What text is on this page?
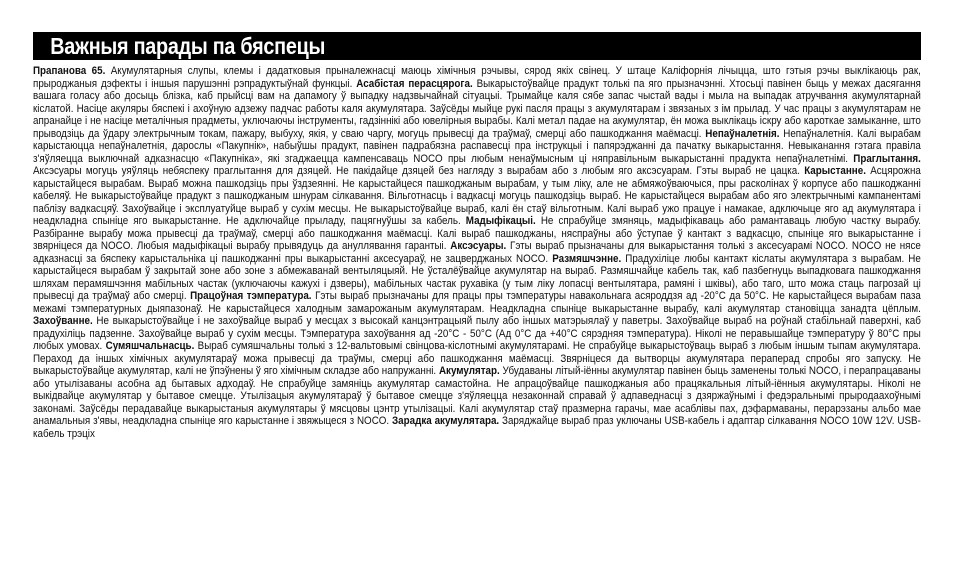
Важныя парады па бяспецы

Прапанова 65. Акумулятарныя слупы, клемы і дадатковыя прыналежнасці маюць хімічныя рэчывы, сярод якіх свінец. У штаце Каліфорнія лічыцца, што гэтыя рэчы выклікаюць рак, прыроджаныя дэфекты і іншыя парушэнні рэпрадуктыўнай функцыі. Асабістая перасцярога. Выкарыстоўвайце прадукт толькі па яго прызначэнні. Хтосьці павінен быць у межах дасягання вашага голасу або досыць блізка, каб прыйсці вам на дапамогу ў выпадку надзвычайнай сітуацыі. Трымайце каля сябе запас чыстай вады і мыла на выпадак атручвання акумулятарнай кіслатой. Насіце акуляры бяспекі і ахоўную адзежу падчас работы каля акумулятара. Заўсёды мыйце рукі пасля працы з акумулятарам і звязаных з ім прылад. У час працы з акумулятарам не апранайце і не насіце металічныя прадметы, уключаючы інструменты, гадзіннікі або ювелірныя вырабы. Калі метал падае на акумулятар, ён можа выклікаць іскру або кароткае замыканне, што прыводзіць да ўдару электрычным токам, пажару, выбуху, якія, у сваю чаргу, могуць прывесці да траўмаў, смерці або пашкоджання маёмасці. Непаўналетнія. Непаўналетнія. Калі вырабам карыстаюцца непаўналетнія, дарослы «Пакупнік», набыўшы прадукт, павінен падрабязна распавесці пра інструкцыі і папярэджанні да пачатку выкарыстання. Невыканання гэтага правіла з'яўляецца выключнай адказнасцю «Пакупніка», які згаджаецца кампенсаваць NOCO пры любым ненаўмысным ці няправільным выкарыстанні прадукта непаўналетнімі. Праглытання. Аксэсуары могуць уяўляць небяспеку праглытання для дзяцей. Не пакідайце дзяцей без нагляду з вырабам або з любым яго аксэсуарам. Гэты выраб не цацка. Карыстанне. Асцярожна карыстайцеся вырабам. Выраб можна пашкодзіць пры ўздзеянні. Не карыстайцеся пашкоджаным вырабам, у тым ліку, але не абмяжоўваючыся, пры расколінах ў корпусе або пашкоджанні кабеляў. Не выкарыстоўвайце прадукт з пашкоджаным шнурам сілкавання. Вільготнасць і вадкасці могуць пашкодзіць выраб. Не карыстайцеся вырабам або яго электрычнымі кампанентамі паблізу вадкасцяў. Захоўвайце і эксплуатуйце выраб у сухім месцы. Не выкарыстоўвайце выраб, калі ён стаў вільготным. Калі выраб ужо працуе і намакае, адключыце яго ад акумулятара і неадкладна спыніце яго выкарыстанне. Не адключайце прыладу, пацягнуўшы за кабель. Мадыфікацыі. Не спрабуйце змяняць, мадыфікаваць або рамантаваць любую частку вырабу. Разбіранне вырабу можа прывесці да траўмаў, смерці або пашкоджання маёмасці. Калі выраб пашкоджаны, няспраўны або ўступае ў кантакт з вадкасцю, спыніце яго выкарыстанне і звярніцеся да NOCO. Любыя мадыфікацыі вырабу прывядуць да ануллявання гарантыі. Аксэсуары. Гэты выраб прызначаны для выкарыстання толькі з аксесуарамі NOCO. NOCO не нясе адказнасці за бяспеку карыстальніка ці пашкоджанні пры выкарыстанні аксесуараў, не зацверджаных NOCO. Размяшчэнне. Прадухіліце любы кантакт кіслаты акумулятара з вырабам. Не карыстайцеся вырабам ў закрытай зоне або зоне з абмежаванай вентыляцыяй. Не ўсталёўвайце акумулятар на выраб. Размяшчайце кабель так, каб пазбегнуць выпадковага пашкоджання шляхам перамяшчэння мабільных частак (уключаючы кажухі і дзверы), мабільных частак рухавіка (у тым ліку лопасці вентылятара, рамяні і шківы), або таго, што можа стаць пагрозай ці прывесці да траўмаў або смерці. Працоўная тэмпература. Гэты выраб прызначаны для працы пры тэмпературы навакольнага асяроддзя ад -20°C да 50°C. Не карыстайцеся вырабам паза межамі тэмпературных дыяпазонаў. Не карыстайцеся халодным замарожаным акумулятарам. Неадкладна спыніце выкарыстанне вырабу, калі акумулятар становіцца занадта цёплым. Захоўванне. Не выкарыстоўвайце і не захоўвайце выраб у месцах з высокай канцэнтрацыяй пылу або іншых матэрыялаў у паветры. Захоўвайце выраб на роўнай стабільнай паверхні, каб прадухіліць падзенне. Захоўвайце выраб у сухім месцы. Тэмпература захоўвання ад -20°C - 50°C (Ад 0°C да +40°C сярэдняя тэмпература). Ніколі не перавышайце тэмпературу ў 80°C пры любых умовах. Сумяшчальнасць. Выраб сумяшчальны толькі з 12-вальтовымі свінцова-кіслотнымі акумулятарамі. Не спрабуйце выкарыстоўваць выраб з любым іншым тыпам акумулятара. Пераход да іншых хімічных акумулятараў можа прывесці да траўмы, смерці або пашкоджання маёмасці. Звярніцеся да вытворцы акумулятара пераперад спробы яго запуску. Не выкарыстоўвайце акумулятар, калі не ўпэўнены ў яго хімічным складзе або напружанні. Акумулятар. Убудаваны літый-іённы акумулятар павінен быць заменены толькі NOCO, і перапрацаваны або утылізаваны асобна ад бытавых адходаў. Не спрабуйце замяніць акумулятар самастойна. Не апрацоўвайце пашкоджаныя або працякальныя літый-іённыя акумулятары. Ніколі не выкідвайце акумулятар у бытавое смецце. Утылізацыя акумулятараў ў бытавое смецце з'яўляецца незаконнай справай ў адпаведнасці з дзяржаўнымі і федэральнымі прыродаахоўнымі законамі. Заўсёды перадавайце выкарыстаныя акумулятары ў мясцовы цэнтр утылізацыі. Калі акумулятар стаў празмерна гарачы, мае асаблівы пах, дэфармаваны, перарэзаны альбо мае анамальныя з'явы, неадкладна спыніце яго карыстанне і звяжыцеся з NOCO. Зарадка акумулятара. Заряджайце выраб праз уключаны USB-кабель і адаптар сілкавання NOCO 10W 12V. USB-кабель трэціх
